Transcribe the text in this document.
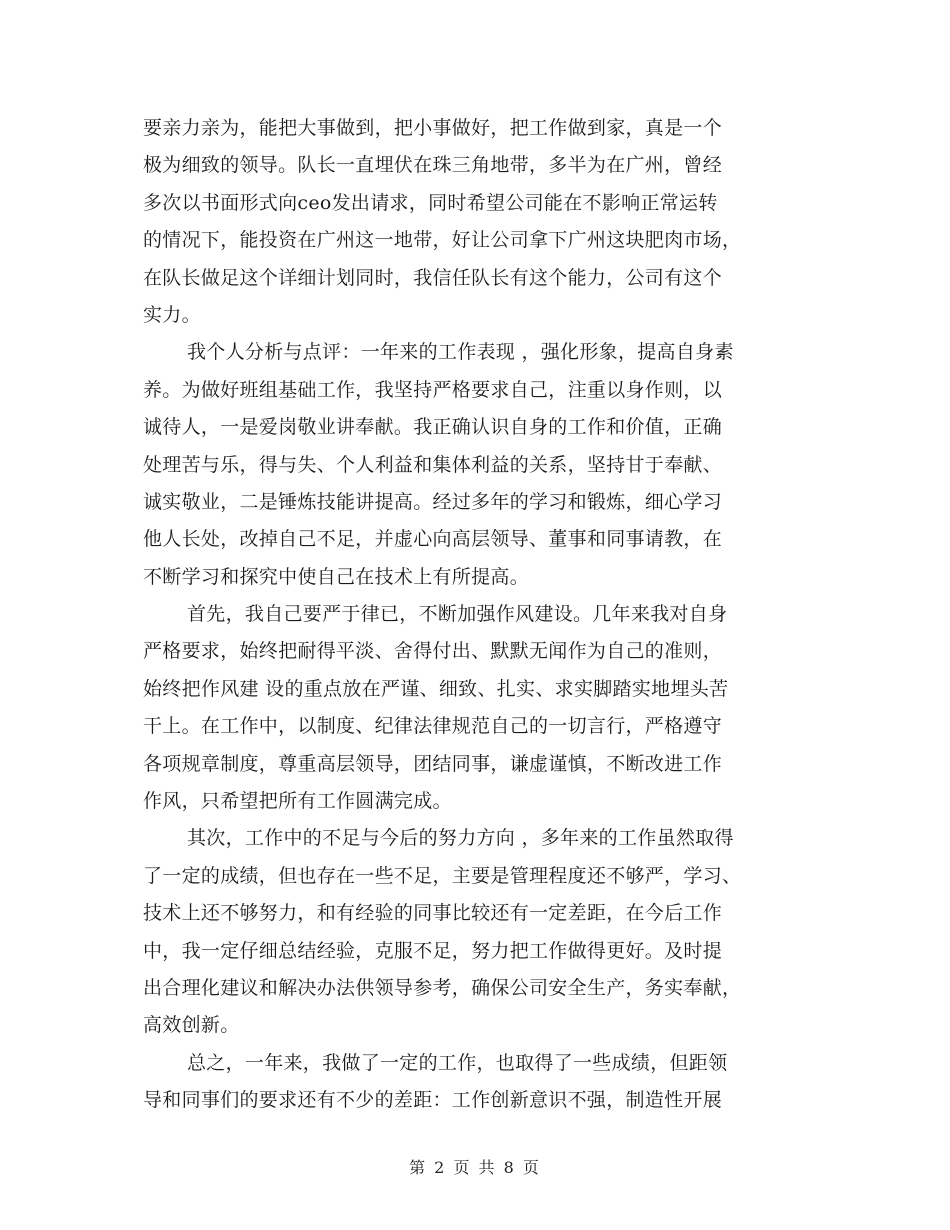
要亲力亲为，能把大事做到，把小事做好，把工作做到家，真是一个
极为细致的领导。队长一直埋伏在珠三角地带，多半为在广州，曾经
多次以书面形式向ceo发出请求，同时希望公司能在不影响正常运转
的情况下，能投资在广州这一地带，好让公司拿下广州这块肥肉市场，
在队长做足这个详细计划同时，我信任队长有这个能力，公司有这个
实力。
我个人分析与点评：一年来的工作表现 ，强化形象，提高自身素
养。为做好班组基础工作，我坚持严格要求自己，注重以身作则，以
诚待人，一是爱岗敬业讲奉献。我正确认识自身的工作和价值，正确
处理苦与乐，得与失、个人利益和集体利益的关系，坚持甘于奉献、
诚实敬业，二是锤炼技能讲提高。经过多年的学习和锻炼，细心学习
他人长处，改掉自己不足，并虚心向高层领导、董事和同事请教，在
不断学习和探究中使自己在技术上有所提高。
首先，我自己要严于律已，不断加强作风建设。几年来我对自身
严格要求，始终把耐得平淡、舍得付出、默默无闻作为自己的准则，
始终把作风建 设的重点放在严谨、细致、扎实、求实脚踏实地埋头苦
干上。在工作中，以制度、纪律法律规范自己的一切言行，严格遵守
各项规章制度，尊重高层领导，团结同事，谦虚谨慎，不断改进工作
作风，只希望把所有工作圆满完成。
其次，工作中的不足与今后的努力方向 ，多年来的工作虽然取得
了一定的成绩，但也存在一些不足，主要是管理程度还不够严，学习、
技术上还不够努力，和有经验的同事比较还有一定差距，在今后工作
中，我一定仔细总结经验，克服不足，努力把工作做得更好。及时提
出合理化建议和解决办法供领导参考，确保公司安全生产，务实奉献，
高效创新。
总之，一年来，我做了一定的工作，也取得了一些成绩，但距领
导和同事们的要求还有不少的差距：工作创新意识不强，制造性开展
第 2 页 共 8 页
